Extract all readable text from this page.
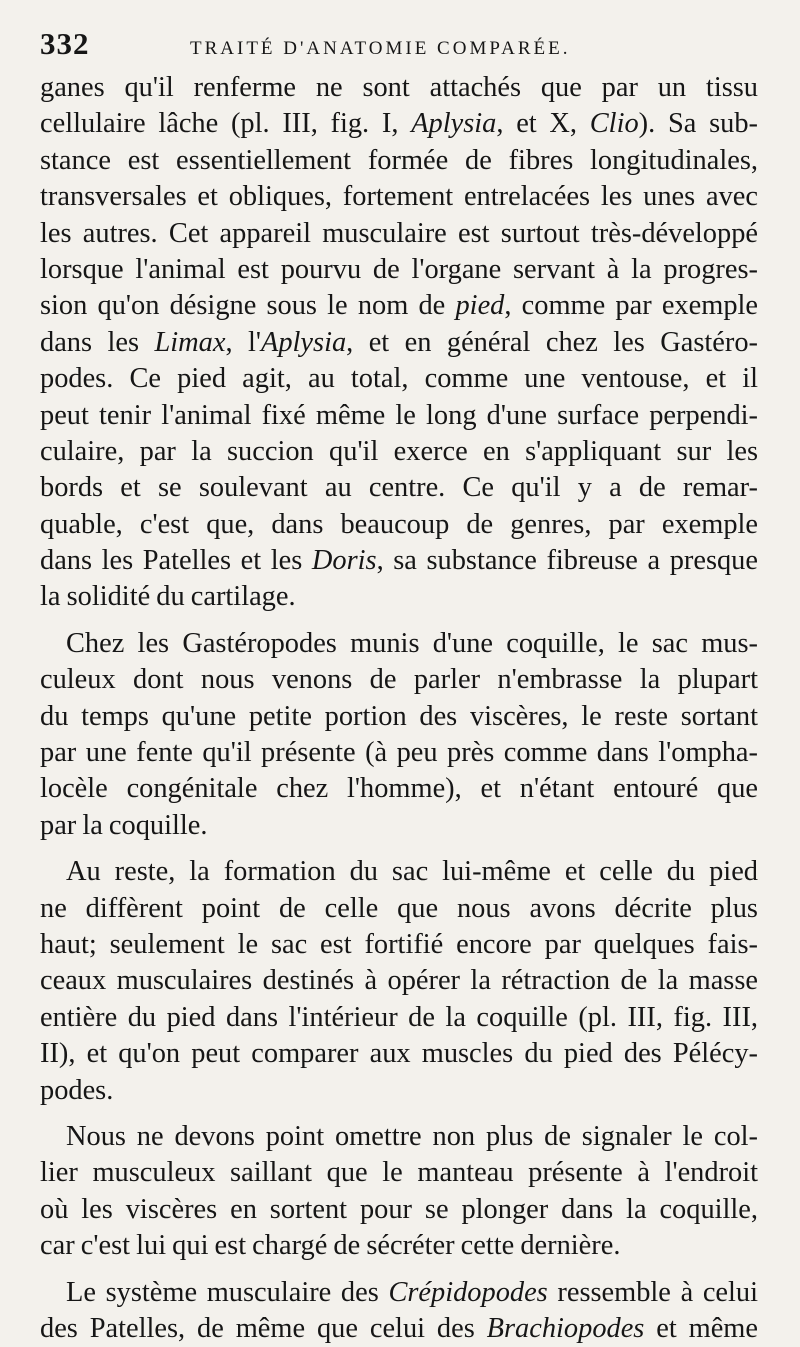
332	TRAITÉ D'ANATOMIE COMPARÉE.
ganes qu'il renferme ne sont attachés que par un tissu
cellulaire lâche (pl. III, fig. I, Aplysia, et X, Clio). Sa sub-
stance est essentiellement formée de fibres longitudinales,
transversales et obliques, fortement entrelacées les unes avec
les autres. Cet appareil musculaire est surtout très-développé
lorsque l'animal est pourvu de l'organe servant à la progres-
sion qu'on désigne sous le nom de pied, comme par exemple
dans les Limax, l'Aplysia, et en général chez les Gastéro-
podes. Ce pied agit, au total, comme une ventouse, et il
peut tenir l'animal fixé même le long d'une surface perpendi-
culaire, par la succion qu'il exerce en s'appliquant sur les
bords et se soulevant au centre. Ce qu'il y a de remar-
quable, c'est que, dans beaucoup de genres, par exemple
dans les Patelles et les Doris, sa substance fibreuse a presque
la solidité du cartilage.
Chez les Gastéropodes munis d'une coquille, le sac mus-
culeux dont nous venons de parler n'embrasse la plupart
du temps qu'une petite portion des viscères, le reste sortant
par une fente qu'il présente (à peu près comme dans l'ompha-
locèle congénitale chez l'homme), et n'étant entouré que
par la coquille.
Au reste, la formation du sac lui-même et celle du pied
ne diffèrent point de celle que nous avons décrite plus
haut; seulement le sac est fortifié encore par quelques fais-
ceaux musculaires destinés à opérer la rétraction de la masse
entière du pied dans l'intérieur de la coquille (pl. III, fig. III,
II), et qu'on peut comparer aux muscles du pied des Pélécy-
podes.
Nous ne devons point omettre non plus de signaler le col-
lier musculeux saillant que le manteau présente à l'endroit
où les viscères en sortent pour se plonger dans la coquille,
car c'est lui qui est chargé de sécréter cette dernière.
Le système musculaire des Crépidopodes ressemble à celui
des Patelles, de même que celui des Brachiopodes et même
